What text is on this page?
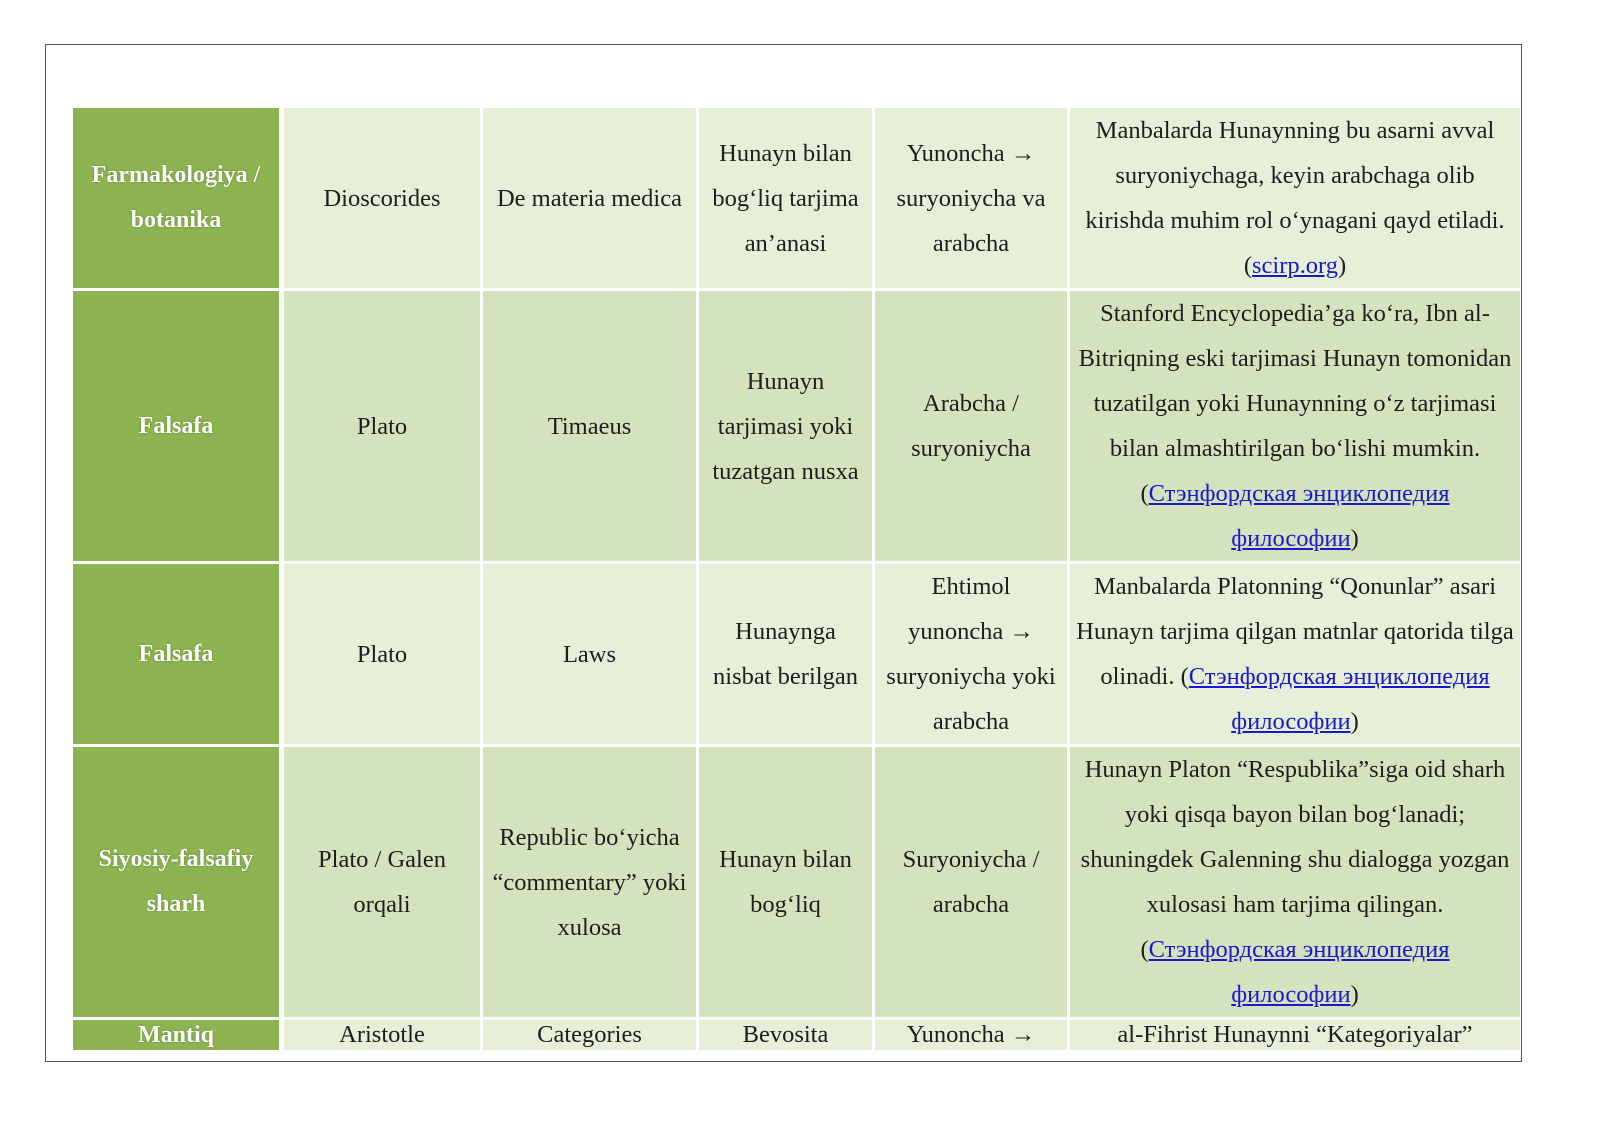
Farmakologiya / botanika	Dioscorides	De materia medica	Hunayn bilan bog‘liq tarjima an’anasi	Yunoncha → suryoniycha va arabcha	Manbalarda Hunaynning bu asarni avval suryoniychaga, keyin arabchaga olib kirishda muhim rol o‘ynagani qayd etiladi. (scirp.org)
Falsafa	Plato	Timaeus	Hunayn tarjimasi yoki tuzatgan nusxa	Arabcha / suryoniycha	Stanford Encyclopedia’ga ko‘ra, Ibn al-Bitriqning eski tarjimasi Hunayn tomonidan tuzatilgan yoki Hunaynning o‘z tarjimasi bilan almashtirilgan bo‘lishi mumkin. (Стэнфордская энциклопедия философии)
Falsafa	Plato	Laws	Hunaynga nisbat berilgan	Ehtimol yunoncha → suryoniycha yoki arabcha	Manbalarda Platonning “Qonunlar” asari Hunayn tarjima qilgan matnlar qatorida tilga olinadi. (Стэнфордская энциклопедия философии)
Siyosiy-falsafiy sharh	Plato / Galen orqali	Republic bo‘yicha “commentary” yoki xulosa	Hunayn bilan bog‘liq	Suryoniycha / arabcha	Hunayn Platon “Respublika”siga oid sharh yoki qisqa bayon bilan bog‘lanadi; shuningdek Galenning shu dialogga yozgan xulosasi ham tarjima qilingan. (Стэнфордская энциклопедия философии)
Mantiq	Aristotle	Categories	Bevosita	Yunoncha →	al-Fihrist Hunaynni “Kategoriyalar”
